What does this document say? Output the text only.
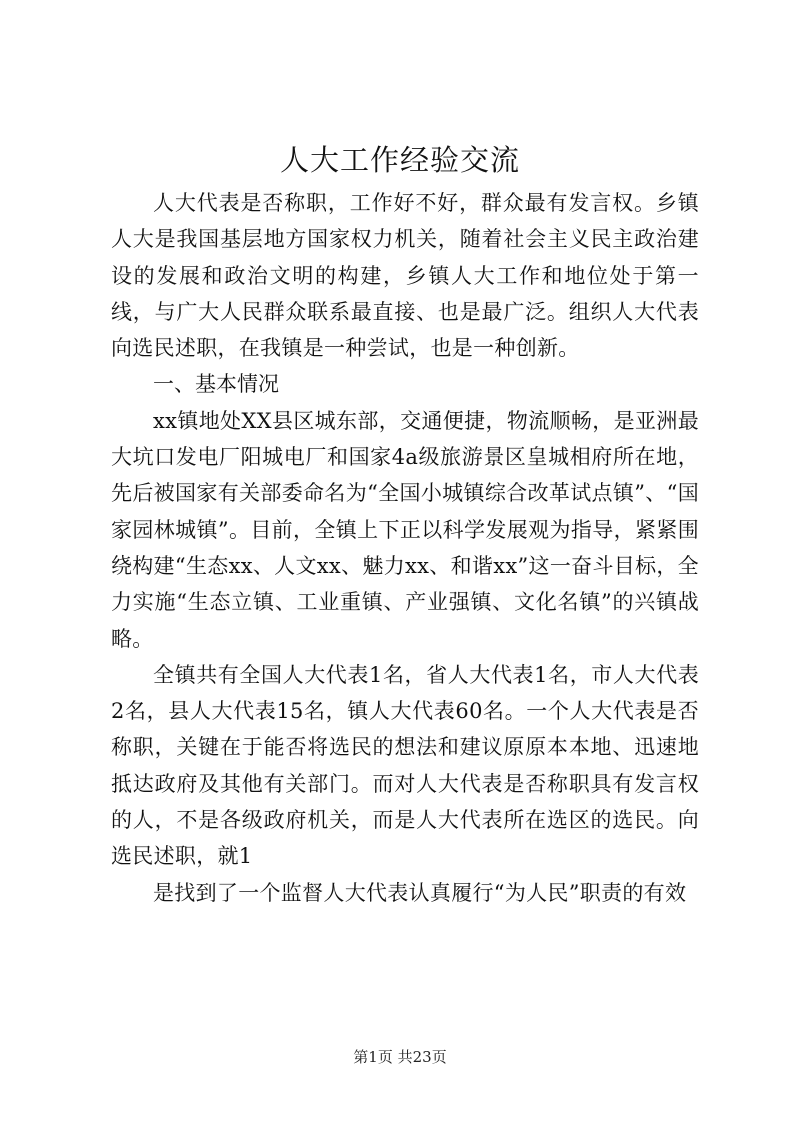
人大工作经验交流

人大代表是否称职，工作好不好，群众最有发言权。乡镇人大是我国基层地方国家权力机关，随着社会主义民主政治建设的发展和政治文明的构建，乡镇人大工作和地位处于第一线，与广大人民群众联系最直接、也是最广泛。组织人大代表向选民述职，在我镇是一种尝试，也是一种创新。

一、基本情况

xx镇地处XX县区城东部，交通便捷，物流顺畅，是亚洲最大坑口发电厂阳城电厂和国家4a级旅游景区皇城相府所在地，先后被国家有关部委命名为“全国小城镇综合改革试点镇”、“国家园林城镇”。目前，全镇上下正以科学发展观为指导，紧紧围绕构建“生态xx、人文xx、魅力xx、和谐xx”这一奋斗目标，全力实施“生态立镇、工业重镇、产业强镇、文化名镇”的兴镇战略。

全镇共有全国人大代表1名，省人大代表1名，市人大代表2名，县人大代表15名，镇人大代表60名。一个人大代表是否称职，关键在于能否将选民的想法和建议原原本本地、迅速地抵达政府及其他有关部门。而对人大代表是否称职具有发言权的人，不是各级政府机关，而是人大代表所在选区的选民。向选民述职，就1

是找到了一个监督人大代表认真履行“为人民”职责的有效

第1页 共23页
